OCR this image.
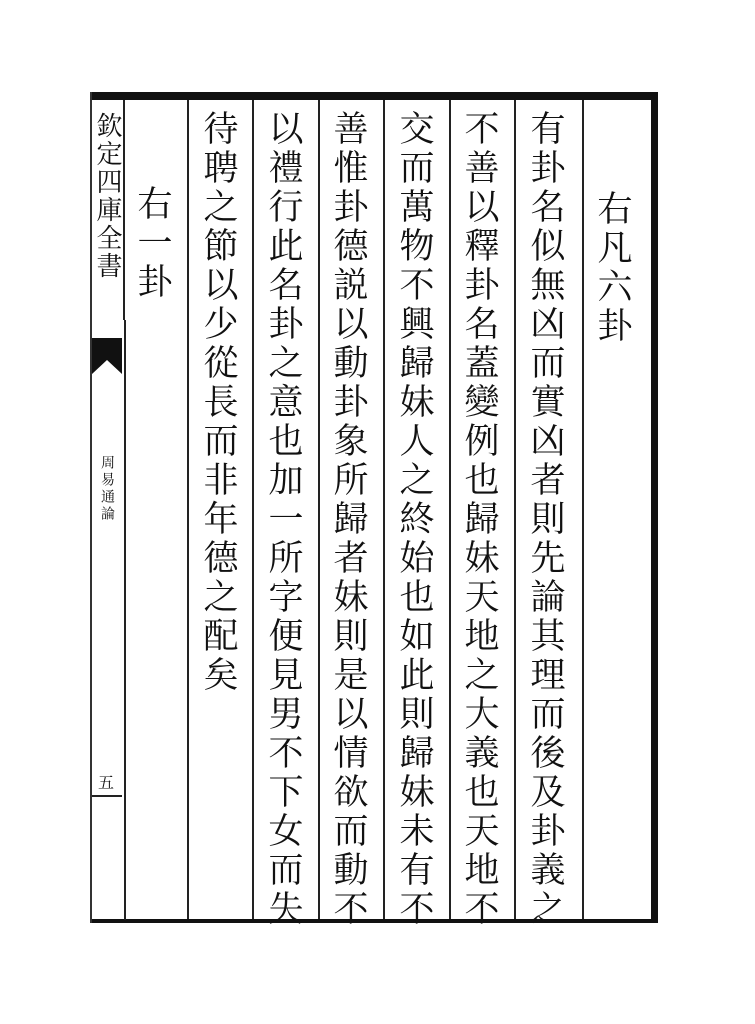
欽定四庫全書
周易通論
五
右凡六卦
有卦名似無凶而實凶者則先論其理而後及卦義之
不善以釋卦名蓋變例也歸妹天地之大義也天地不
交而萬物不興歸妹人之終始也如此則歸妹未有不
善惟卦德説以動卦象所歸者妹則是以情欲而動不
以禮行此名卦之意也加一所字便見男不下女而失
待聘之節以少從長而非年德之配矣
右一卦
